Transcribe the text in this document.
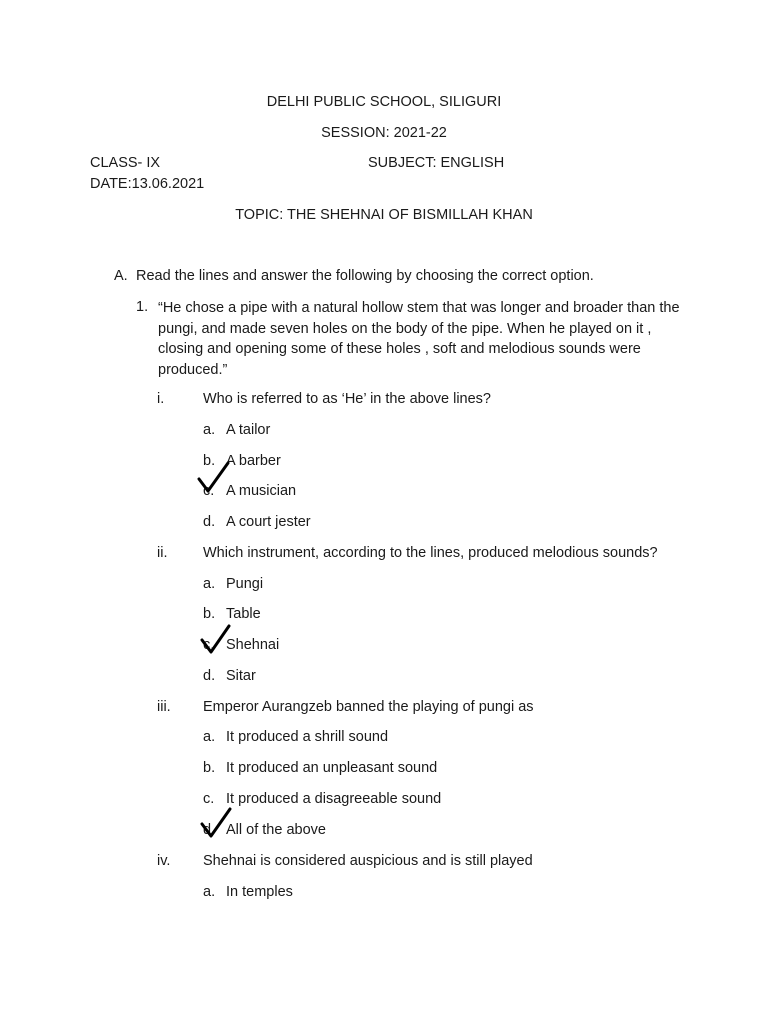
DELHI PUBLIC SCHOOL, SILIGURI
SESSION: 2021-22
CLASS- IX	SUBJECT: ENGLISH
DATE:13.06.2021
TOPIC: THE SHEHNAI OF BISMILLAH KHAN
A. Read the lines and answer the following by choosing the correct option.
1. “He chose a pipe with a natural hollow stem that was longer and broader than the pungi, and made seven holes on the body of the pipe. When he played on it , closing and opening some of these holes , soft and melodious sounds were produced.”
i.	Who is referred to as ‘He’ in the above lines?
a. A tailor
b. A barber
c. A musician
d. A court jester
ii. Which instrument, according to the lines, produced melodious sounds?
a. Pungi
b. Table
c. Shehnai
d. Sitar
iii. Emperor Aurangzeb banned the playing of pungi as
a. It produced a shrill sound
b. It produced an unpleasant sound
c. It produced a disagreeable sound
d. All of the above
iv. Shehnai is considered auspicious and is still played
a. In temples
